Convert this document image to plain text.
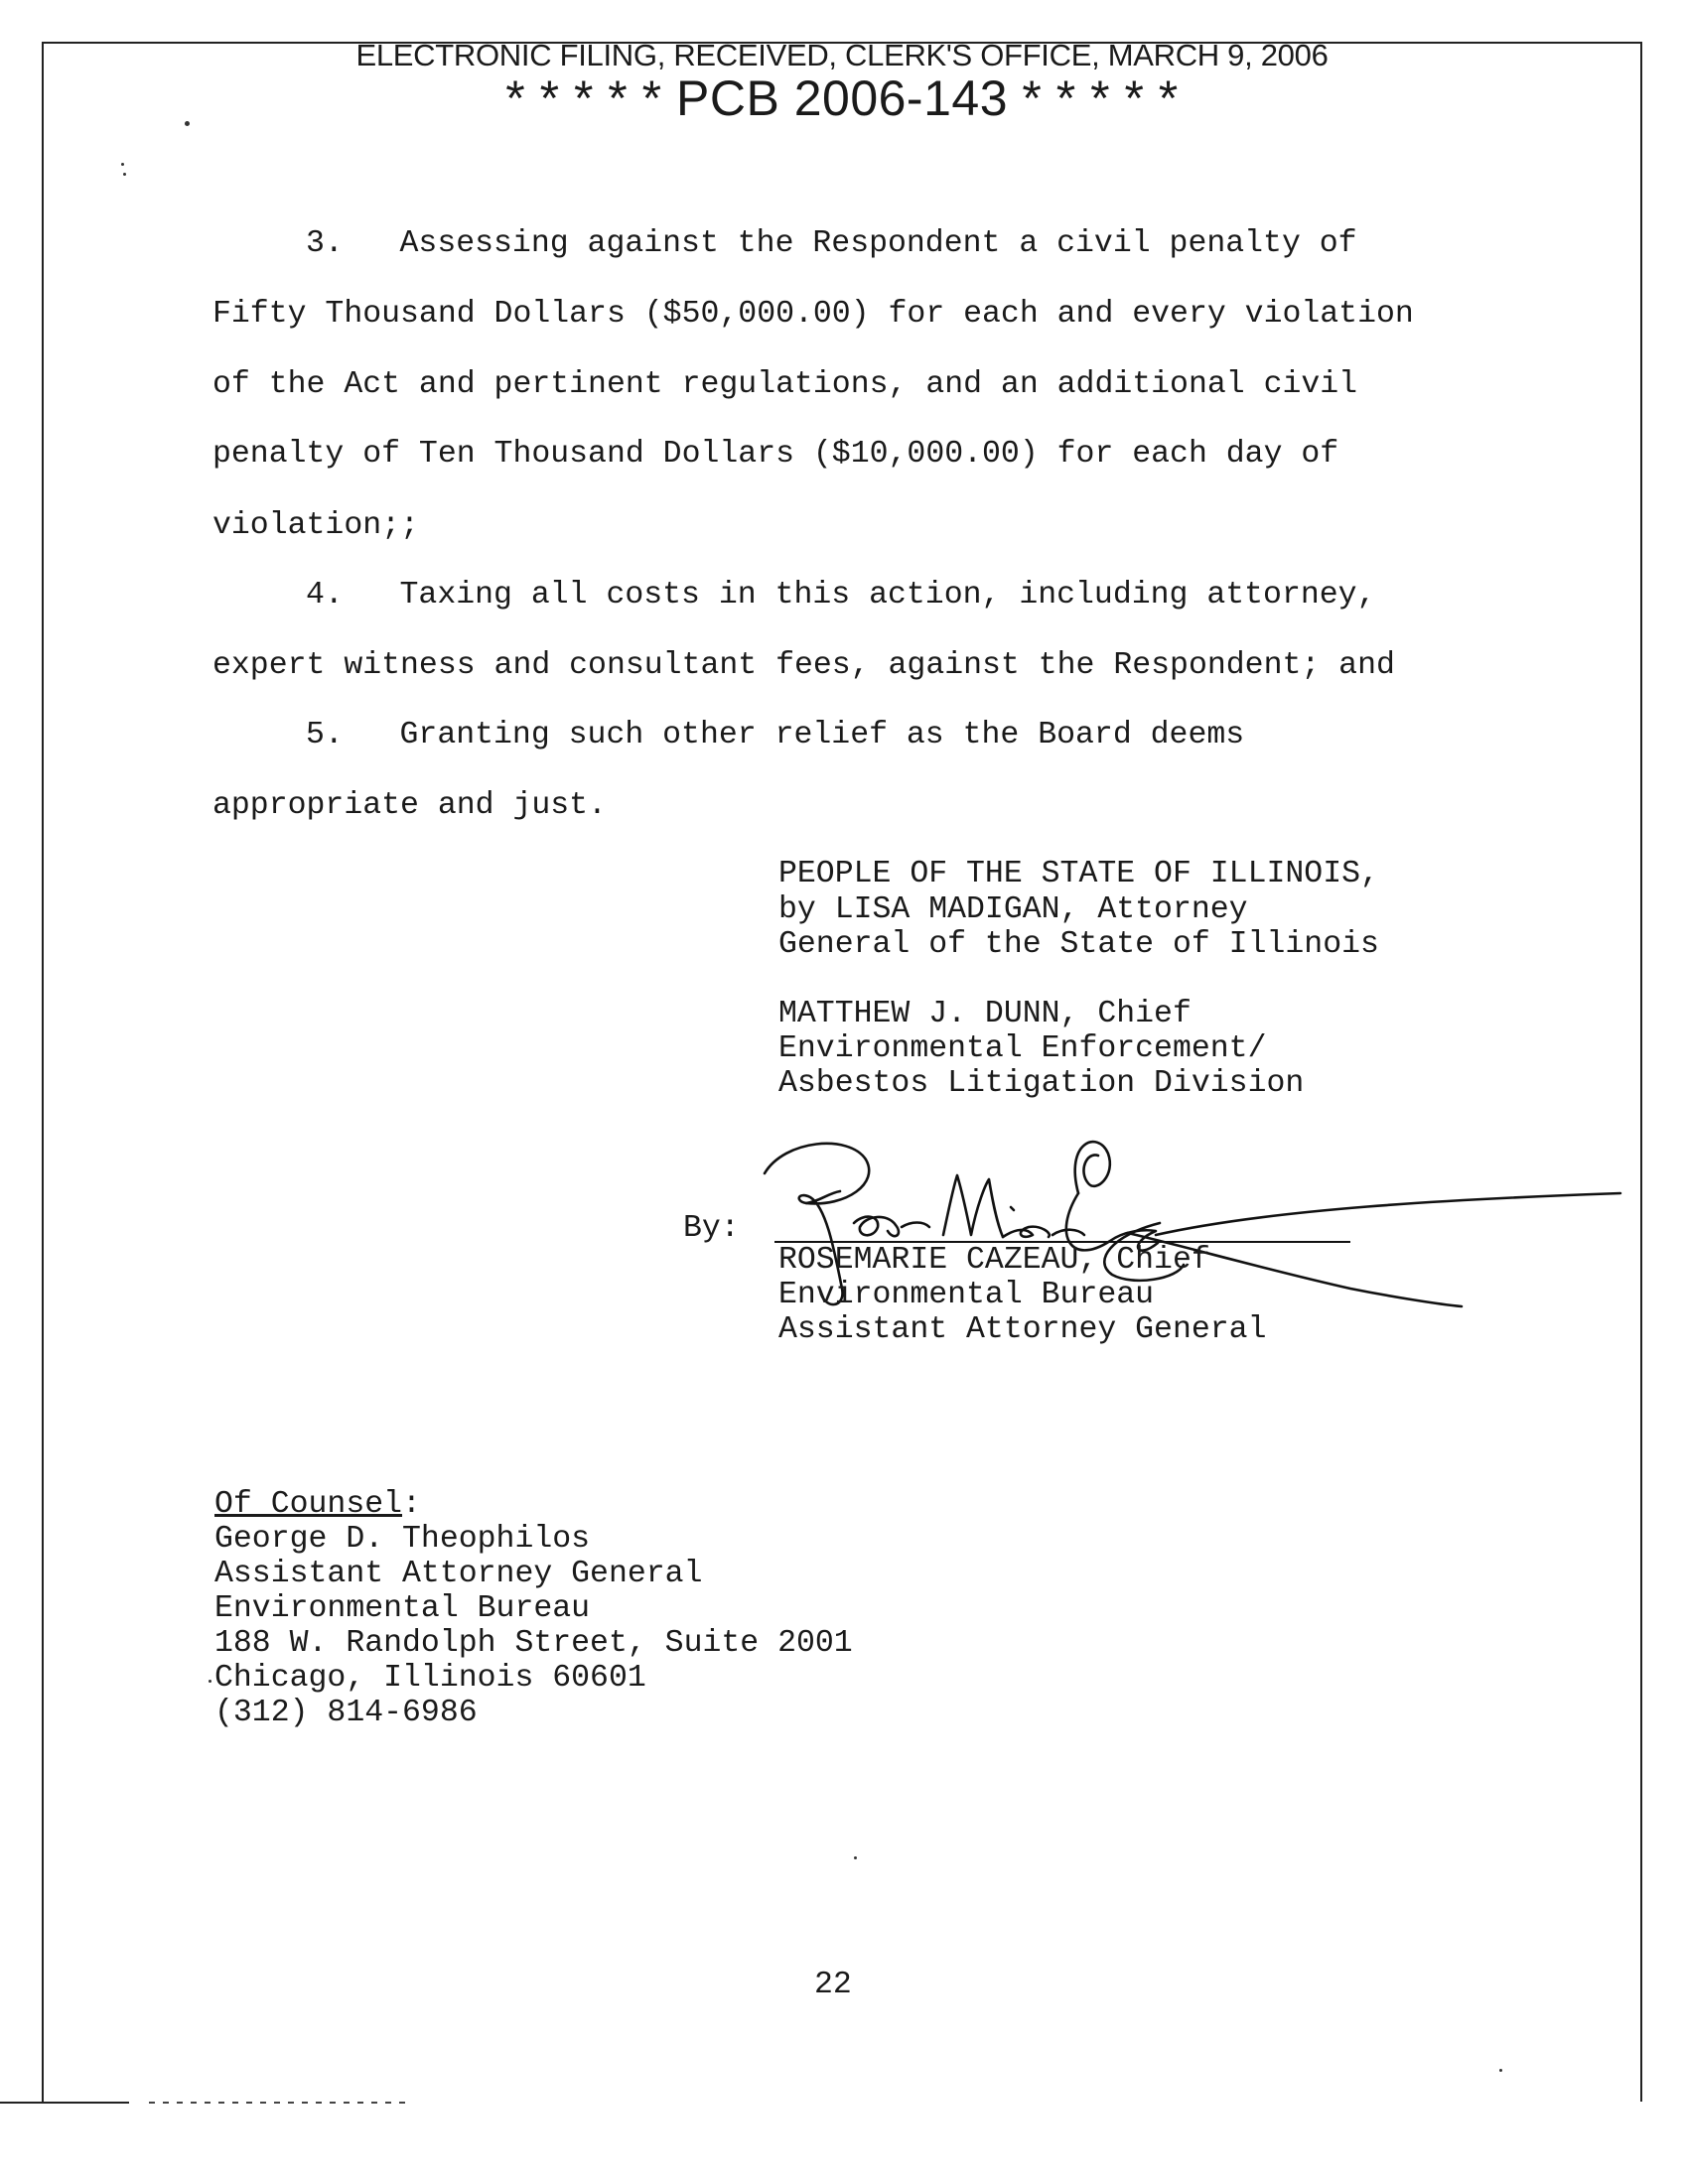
ELECTRONIC FILING, RECEIVED, CLERK'S OFFICE, MARCH 9, 2006
* * * * * PCB 2006-143 * * * * *
3.   Assessing against the Respondent a civil penalty of
Fifty Thousand Dollars ($50,000.00) for each and every violation
of the Act and pertinent regulations, and an additional civil
penalty of Ten Thousand Dollars ($10,000.00) for each day of
violation;;
4.   Taxing all costs in this action, including attorney,
expert witness and consultant fees, against the Respondent; and
5.   Granting such other relief as the Board deems
appropriate and just.
PEOPLE OF THE STATE OF ILLINOIS,
by LISA MADIGAN, Attorney
General of the State of Illinois
MATTHEW J. DUNN, Chief
Environmental Enforcement/
Asbestos Litigation Division
By:
ROSEMARIE CAZEAU, Chief
Environmental Bureau
Assistant Attorney General
Of Counsel:
George D. Theophilos
Assistant Attorney General
Environmental Bureau
188 W. Randolph Street, Suite 2001
Chicago, Illinois 60601
(312) 814-6986
22
